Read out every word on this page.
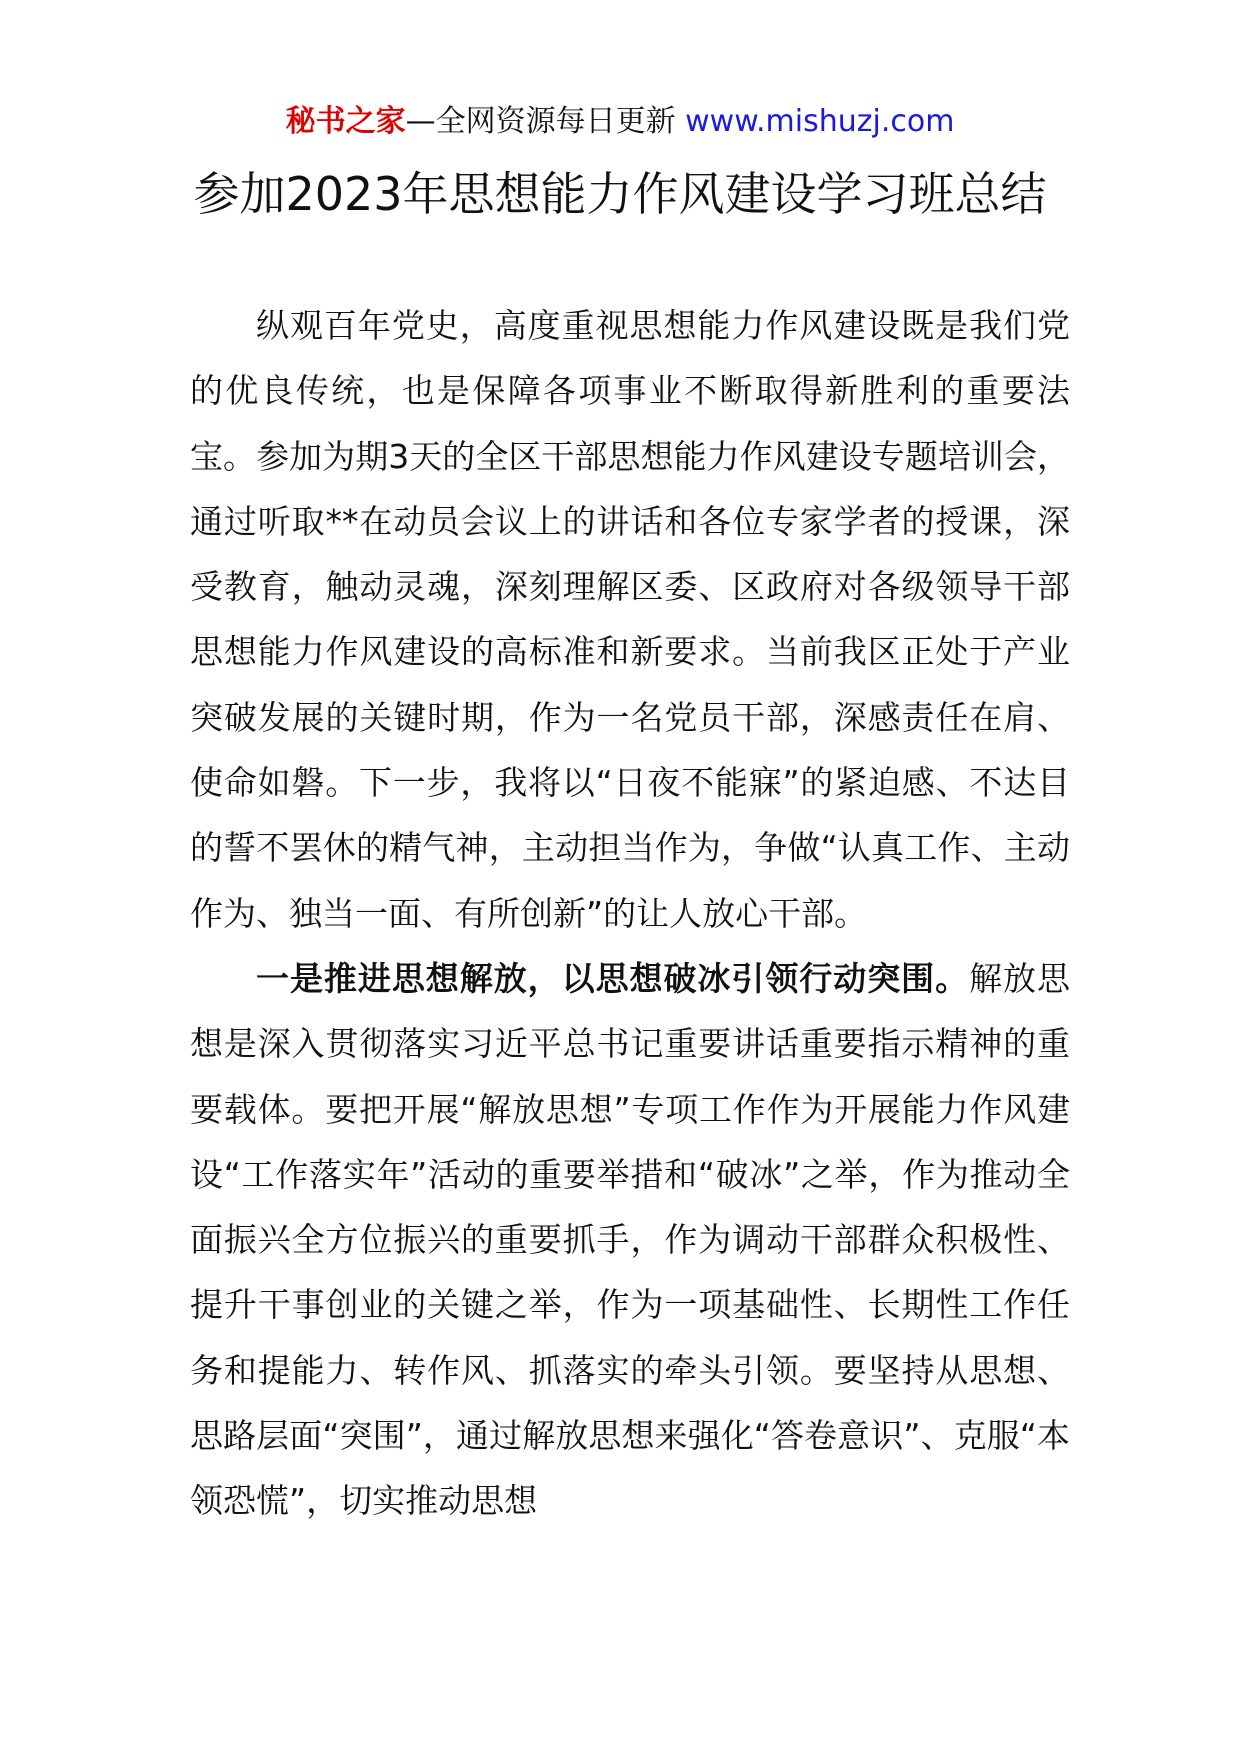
秘书之家—全网资源每日更新 www.mishuzj.com
参加2023年思想能力作风建设学习班总结

纵观百年党史，高度重视思想能力作风建设既是我们党的优良传统，也是保障各项事业不断取得新胜利的重要法宝。参加为期3天的全区干部思想能力作风建设专题培训会，通过听取**在动员会议上的讲话和各位专家学者的授课，深受教育，触动灵魂，深刻理解区委、区政府对各级领导干部思想能力作风建设的高标准和新要求。当前我区正处于产业突破发展的关键时期，作为一名党员干部，深感责任在肩、使命如磐。下一步，我将以“日夜不能寐”的紧迫感、不达目的誓不罢休的精气神，主动担当作为，争做“认真工作、主动作为、独当一面、有所创新”的让人放心干部。

一是推进思想解放，以思想破冰引领行动突围。解放思想是深入贯彻落实习近平总书记重要讲话重要指示精神的重要载体。要把开展“解放思想”专项工作作为开展能力作风建设“工作落实年”活动的重要举措和“破冰”之举，作为推动全面振兴全方位振兴的重要抓手，作为调动干部群众积极性、提升干事创业的关键之举，作为一项基础性、长期性工作任务和提能力、转作风、抓落实的牵头引领。要坚持从思想、思路层面“突围”，通过解放思想来强化“答卷意识”、克服“本领恐慌”，切实推动思想
